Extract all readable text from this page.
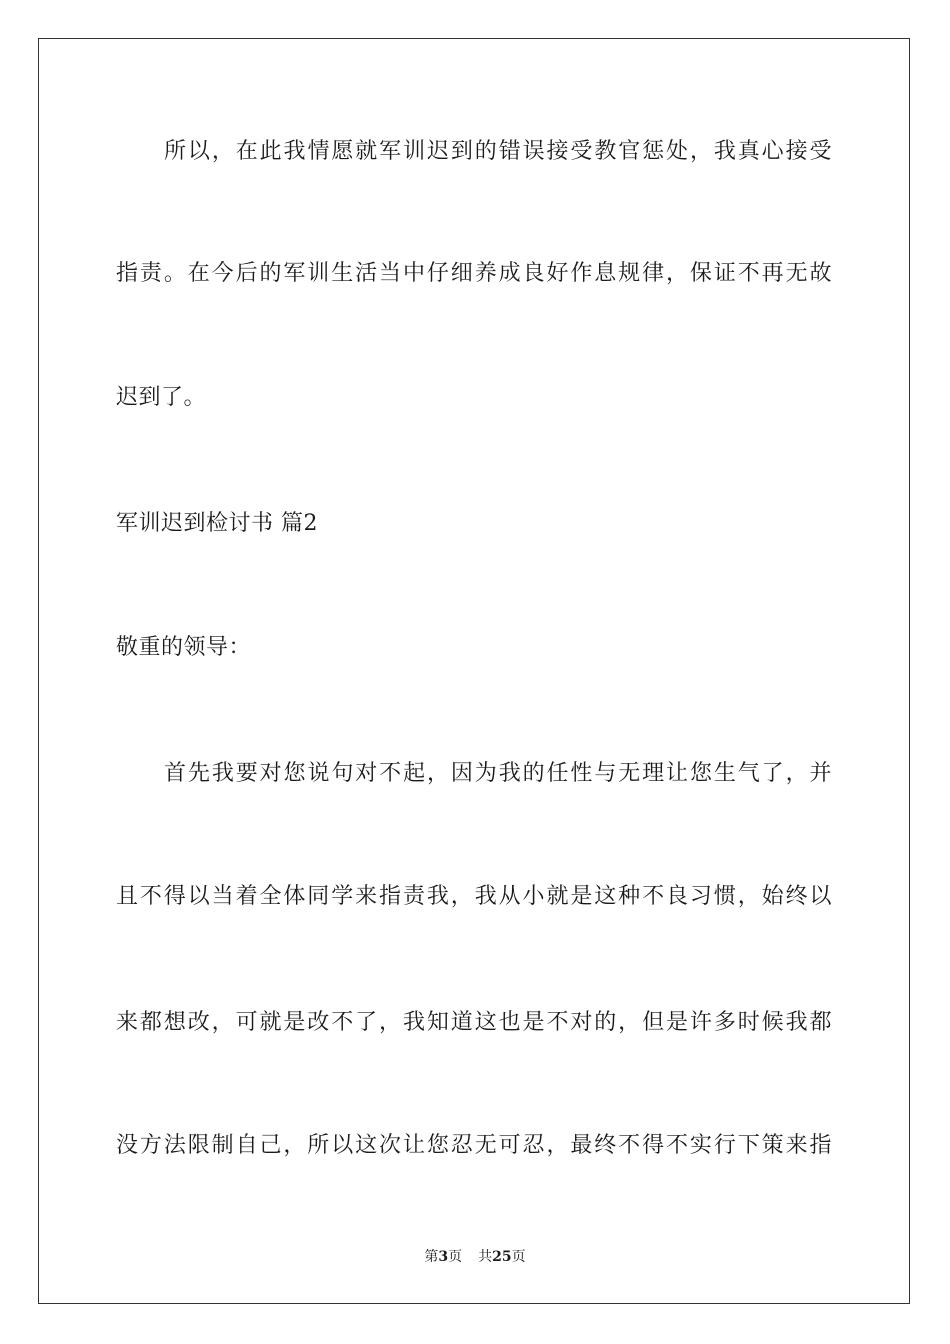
所以，在此我情愿就军训迟到的错误接受教官惩处，我真心接受
指责。在今后的军训生活当中仔细养成良好作息规律，保证不再无故
迟到了。
军训迟到检讨书 篇2
敬重的领导：
首先我要对您说句对不起，因为我的任性与无理让您生气了，并
且不得以当着全体同学来指责我，我从小就是这种不良习惯，始终以
来都想改，可就是改不了，我知道这也是不对的，但是许多时候我都
没方法限制自己，所以这次让您忍无可忍，最终不得不实行下策来指
第3页 共25页
